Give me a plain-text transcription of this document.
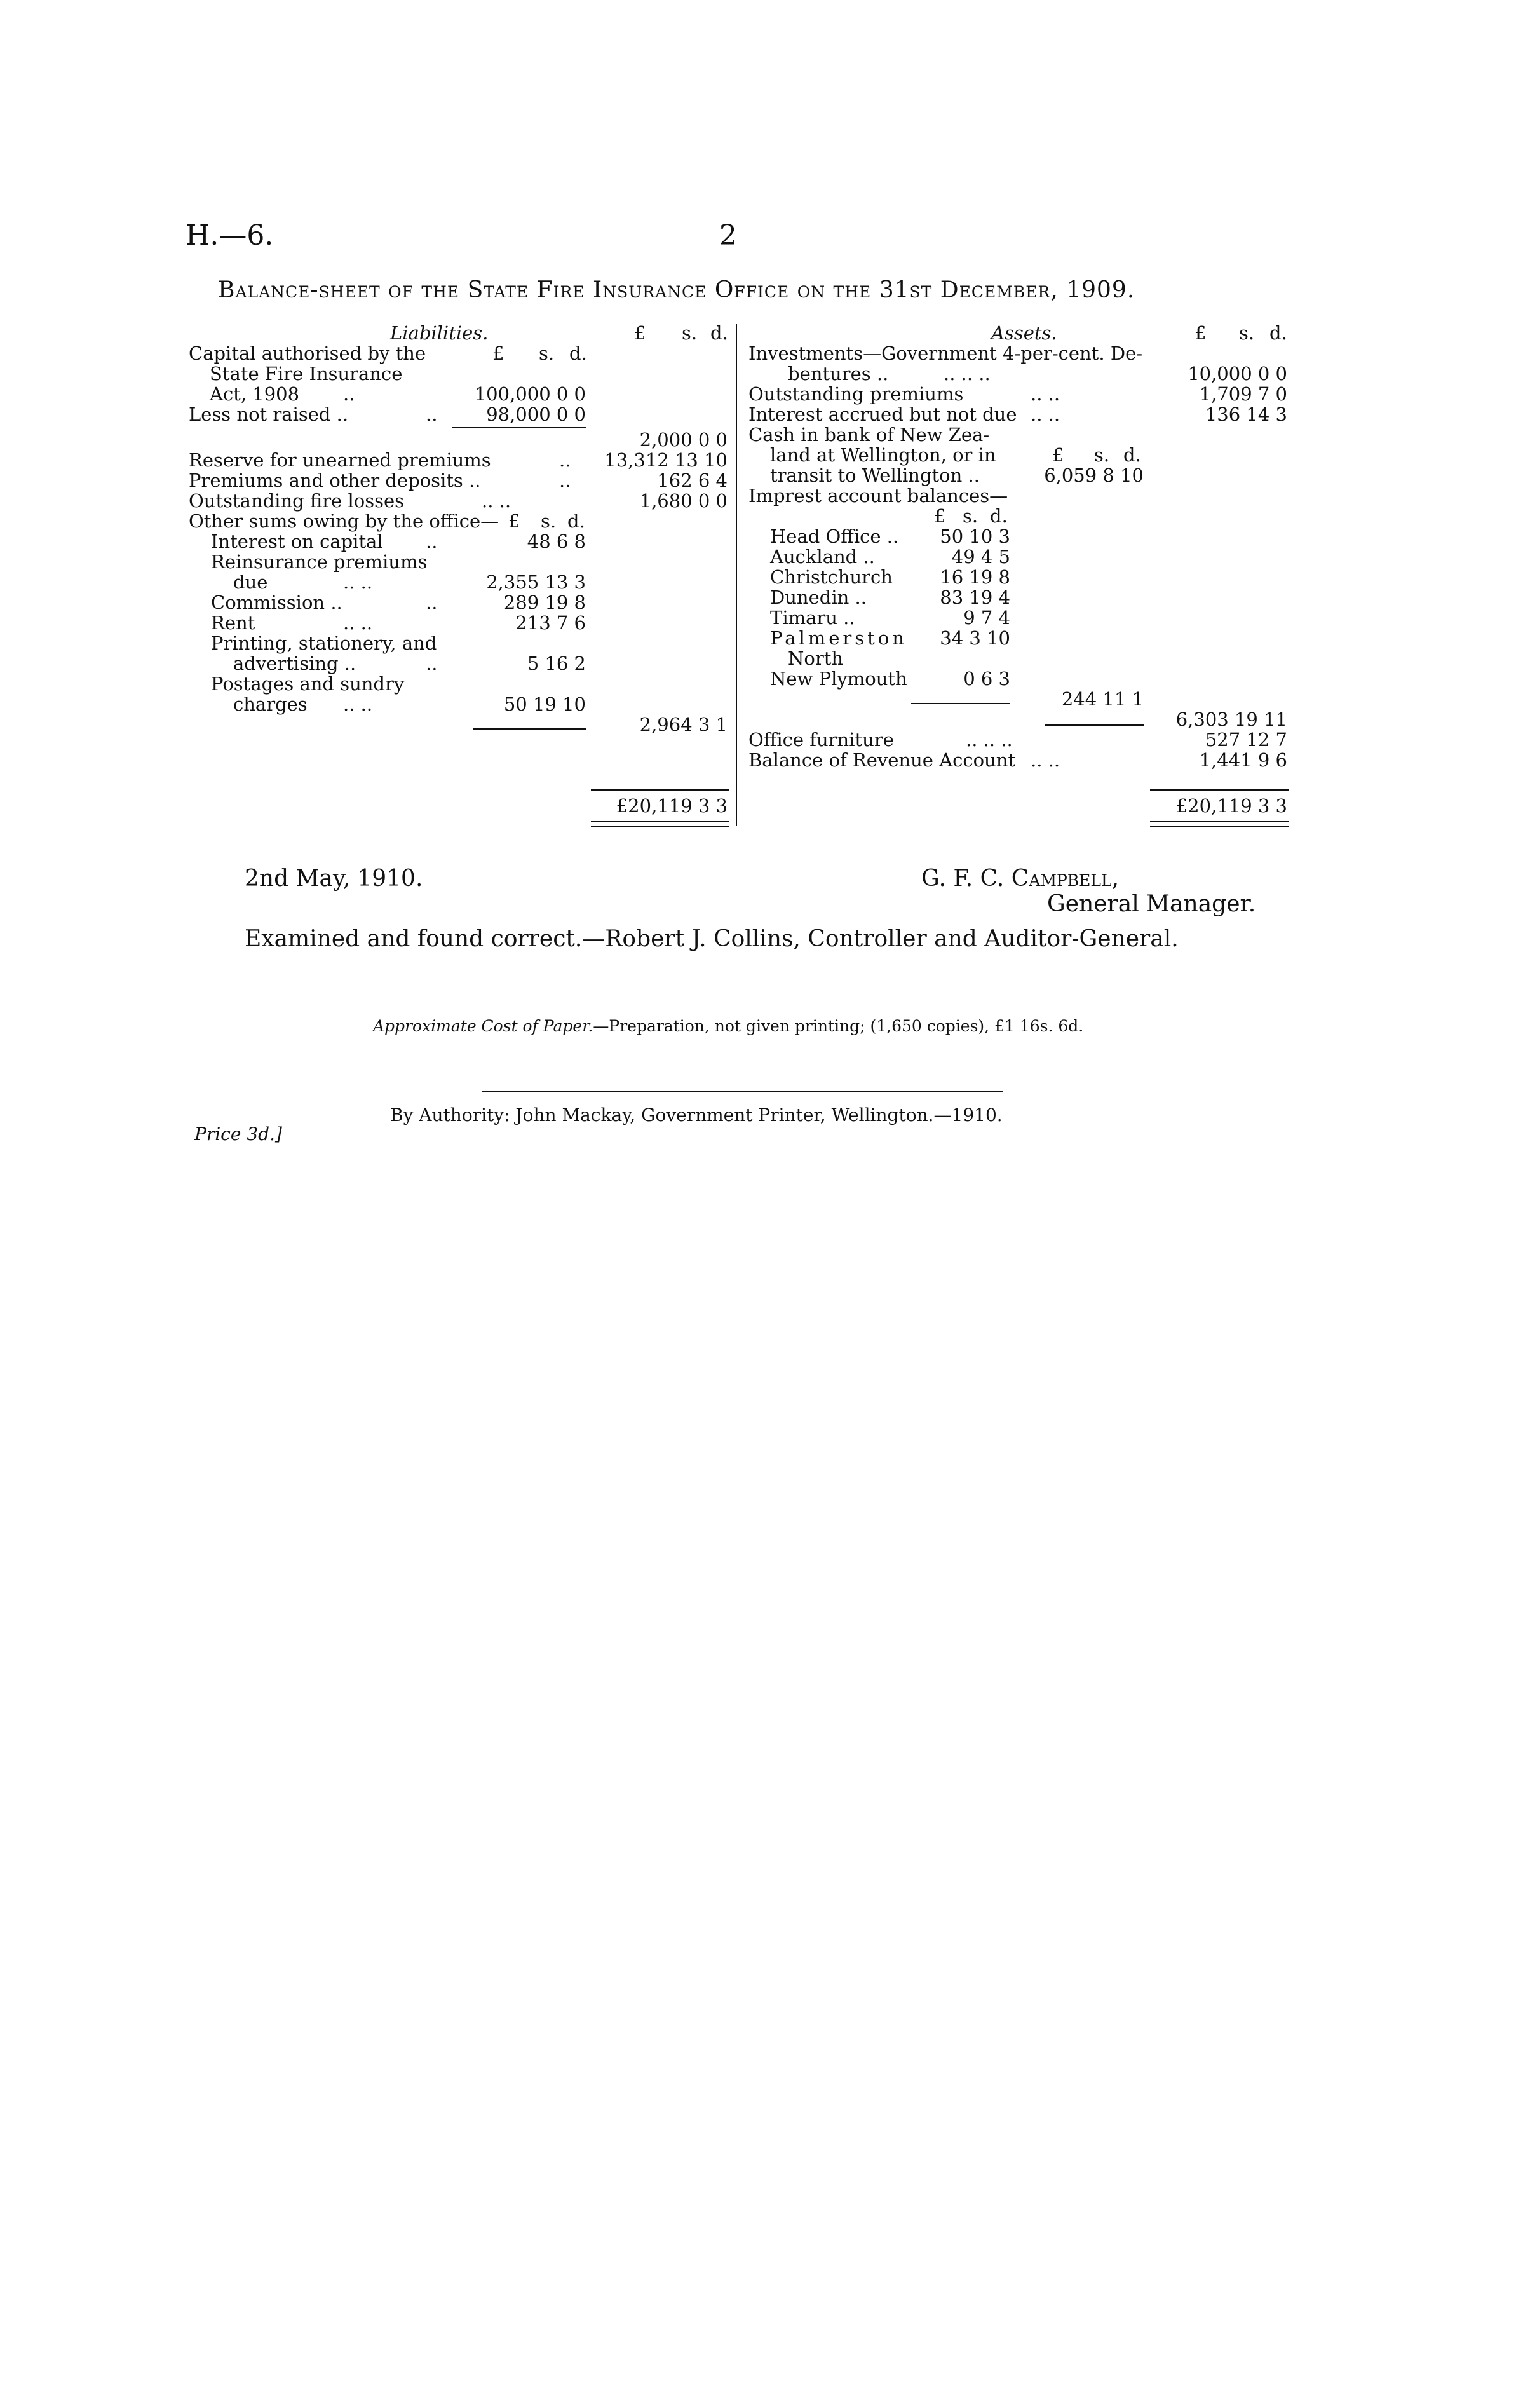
H.—6.	2
Balance-sheet of the State Fire Insurance Office on the 31st December, 1909.
Liabilities.	£ s. d.
Capital authorised by the	£ s. d.
State Fire Insurance
Act, 1908 ..	100,000 0 0
Less not raised ..	..	98,000 0 0
2,000 0 0
Reserve for unearned premiums	..	13,312 13 10
Premiums and other deposits ..	..	162 6 4
Outstanding fire losses	.. ..	1,680 0 0
Other sums owing by the office— £ s. d.
Interest on capital ..	48 6 8
Reinsurance premiums
due	.. ..	2,355 13 3
Commission ..	..	289 19 8
Rent	.. ..	213 7 6
Printing, stationery, and
advertising ..	..	5 16 2
Postages and sundry
charges .. ..	50 19 10
2,964 3 1
£20,119 3 3
Assets.	£ s. d.
Investments—Government 4-per-cent. De-
bentures ..	.. .. ..	10,000 0 0
Outstanding premiums	.. ..	1,709 7 0
Interest accrued but not due .. ..	136 14 3
Cash in bank of New Zea-
land at Wellington, or in	£ s. d.
transit to Wellington ..	6,059 8 10
Imprest account balances—
£ s. d.
Head Office ..	50 10 3
Auckland ..	49 4 5
Christchurch	16 19 8
Dunedin ..	83 19 4
Timaru ..	9 7 4
Palmerston	34 3 10
North
New Plymouth	0 6 3
244 11 1
6,303 19 11
Office furniture	.. .. ..	527 12 7
Balance of Revenue Account .. ..	1,441 9 6
£20,119 3 3
2nd May, 1910.	G. F. C. Campbell,
General Manager.
Examined and found correct.—Robert J. Collins, Controller and Auditor-General.
Approximate Cost of Paper.—Preparation, not given printing; (1,650 copies), £1 16s. 6d.
By Authority: John Mackay, Government Printer, Wellington.—1910.
Price 3d.]
